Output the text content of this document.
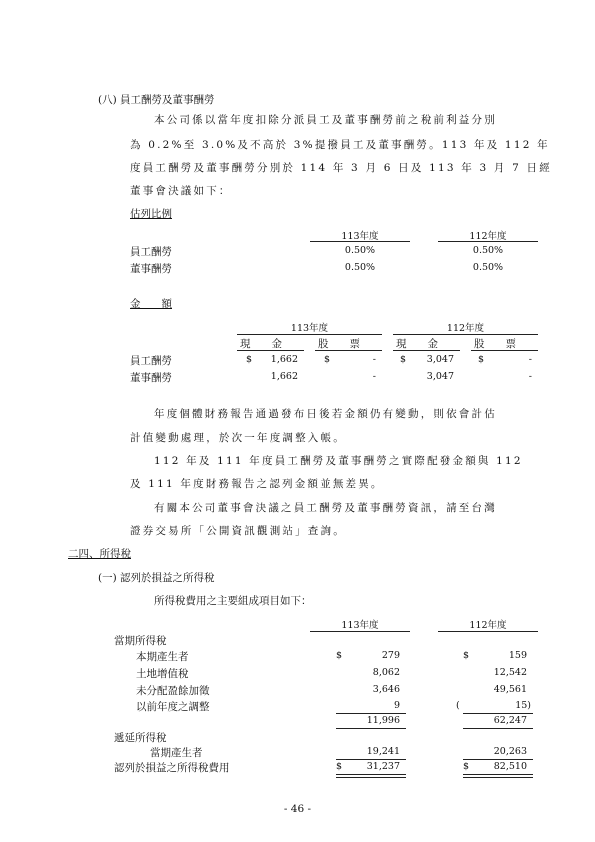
(八) 員工酬勞及董事酬勞
本公司係以當年度扣除分派員工及董事酬勞前之稅前利益分別
為 0.2%至 3.0%及不高於 3%提撥員工及董事酬勞。113 年及 112 年
度員工酬勞及董事酬勞分別於 114 年 3 月 6 日及 113 年 3 月 7 日經
董事會決議如下：
估列比例
113年度	112年度
員工酬勞	0.50%	0.50%
董事酬勞	0.50%	0.50%
金　　額
113年度	112年度
現　　金	股　　票	現　　金	股　　票
員工酬勞	$	1,662	$	-	$	3,047	$	-
董事酬勞	1,662	-	3,047	-
年度個體財務報告通過發布日後若金額仍有變動，則依會計估
計值變動處理，於次一年度調整入帳。
112 年及 111 年度員工酬勞及董事酬勞之實際配發金額與 112
及 111 年度財務報告之認列金額並無差異。
有關本公司董事會決議之員工酬勞及董事酬勞資訊，請至台灣
證券交易所「公開資訊觀測站」查詢。
二四、所得稅
(一) 認列於損益之所得稅
所得稅費用之主要組成項目如下：
113年度	112年度
當期所得稅
本期產生者	$	279	$	159
土地增值稅	8,062	12,542
未分配盈餘加徵	3,646	49,561
以前年度之調整	9	(	15)
11,996	62,247
遞延所得稅
當期產生者	19,241	20,263
認列於損益之所得稅費用	$	31,237	$	82,510
- 46 -
